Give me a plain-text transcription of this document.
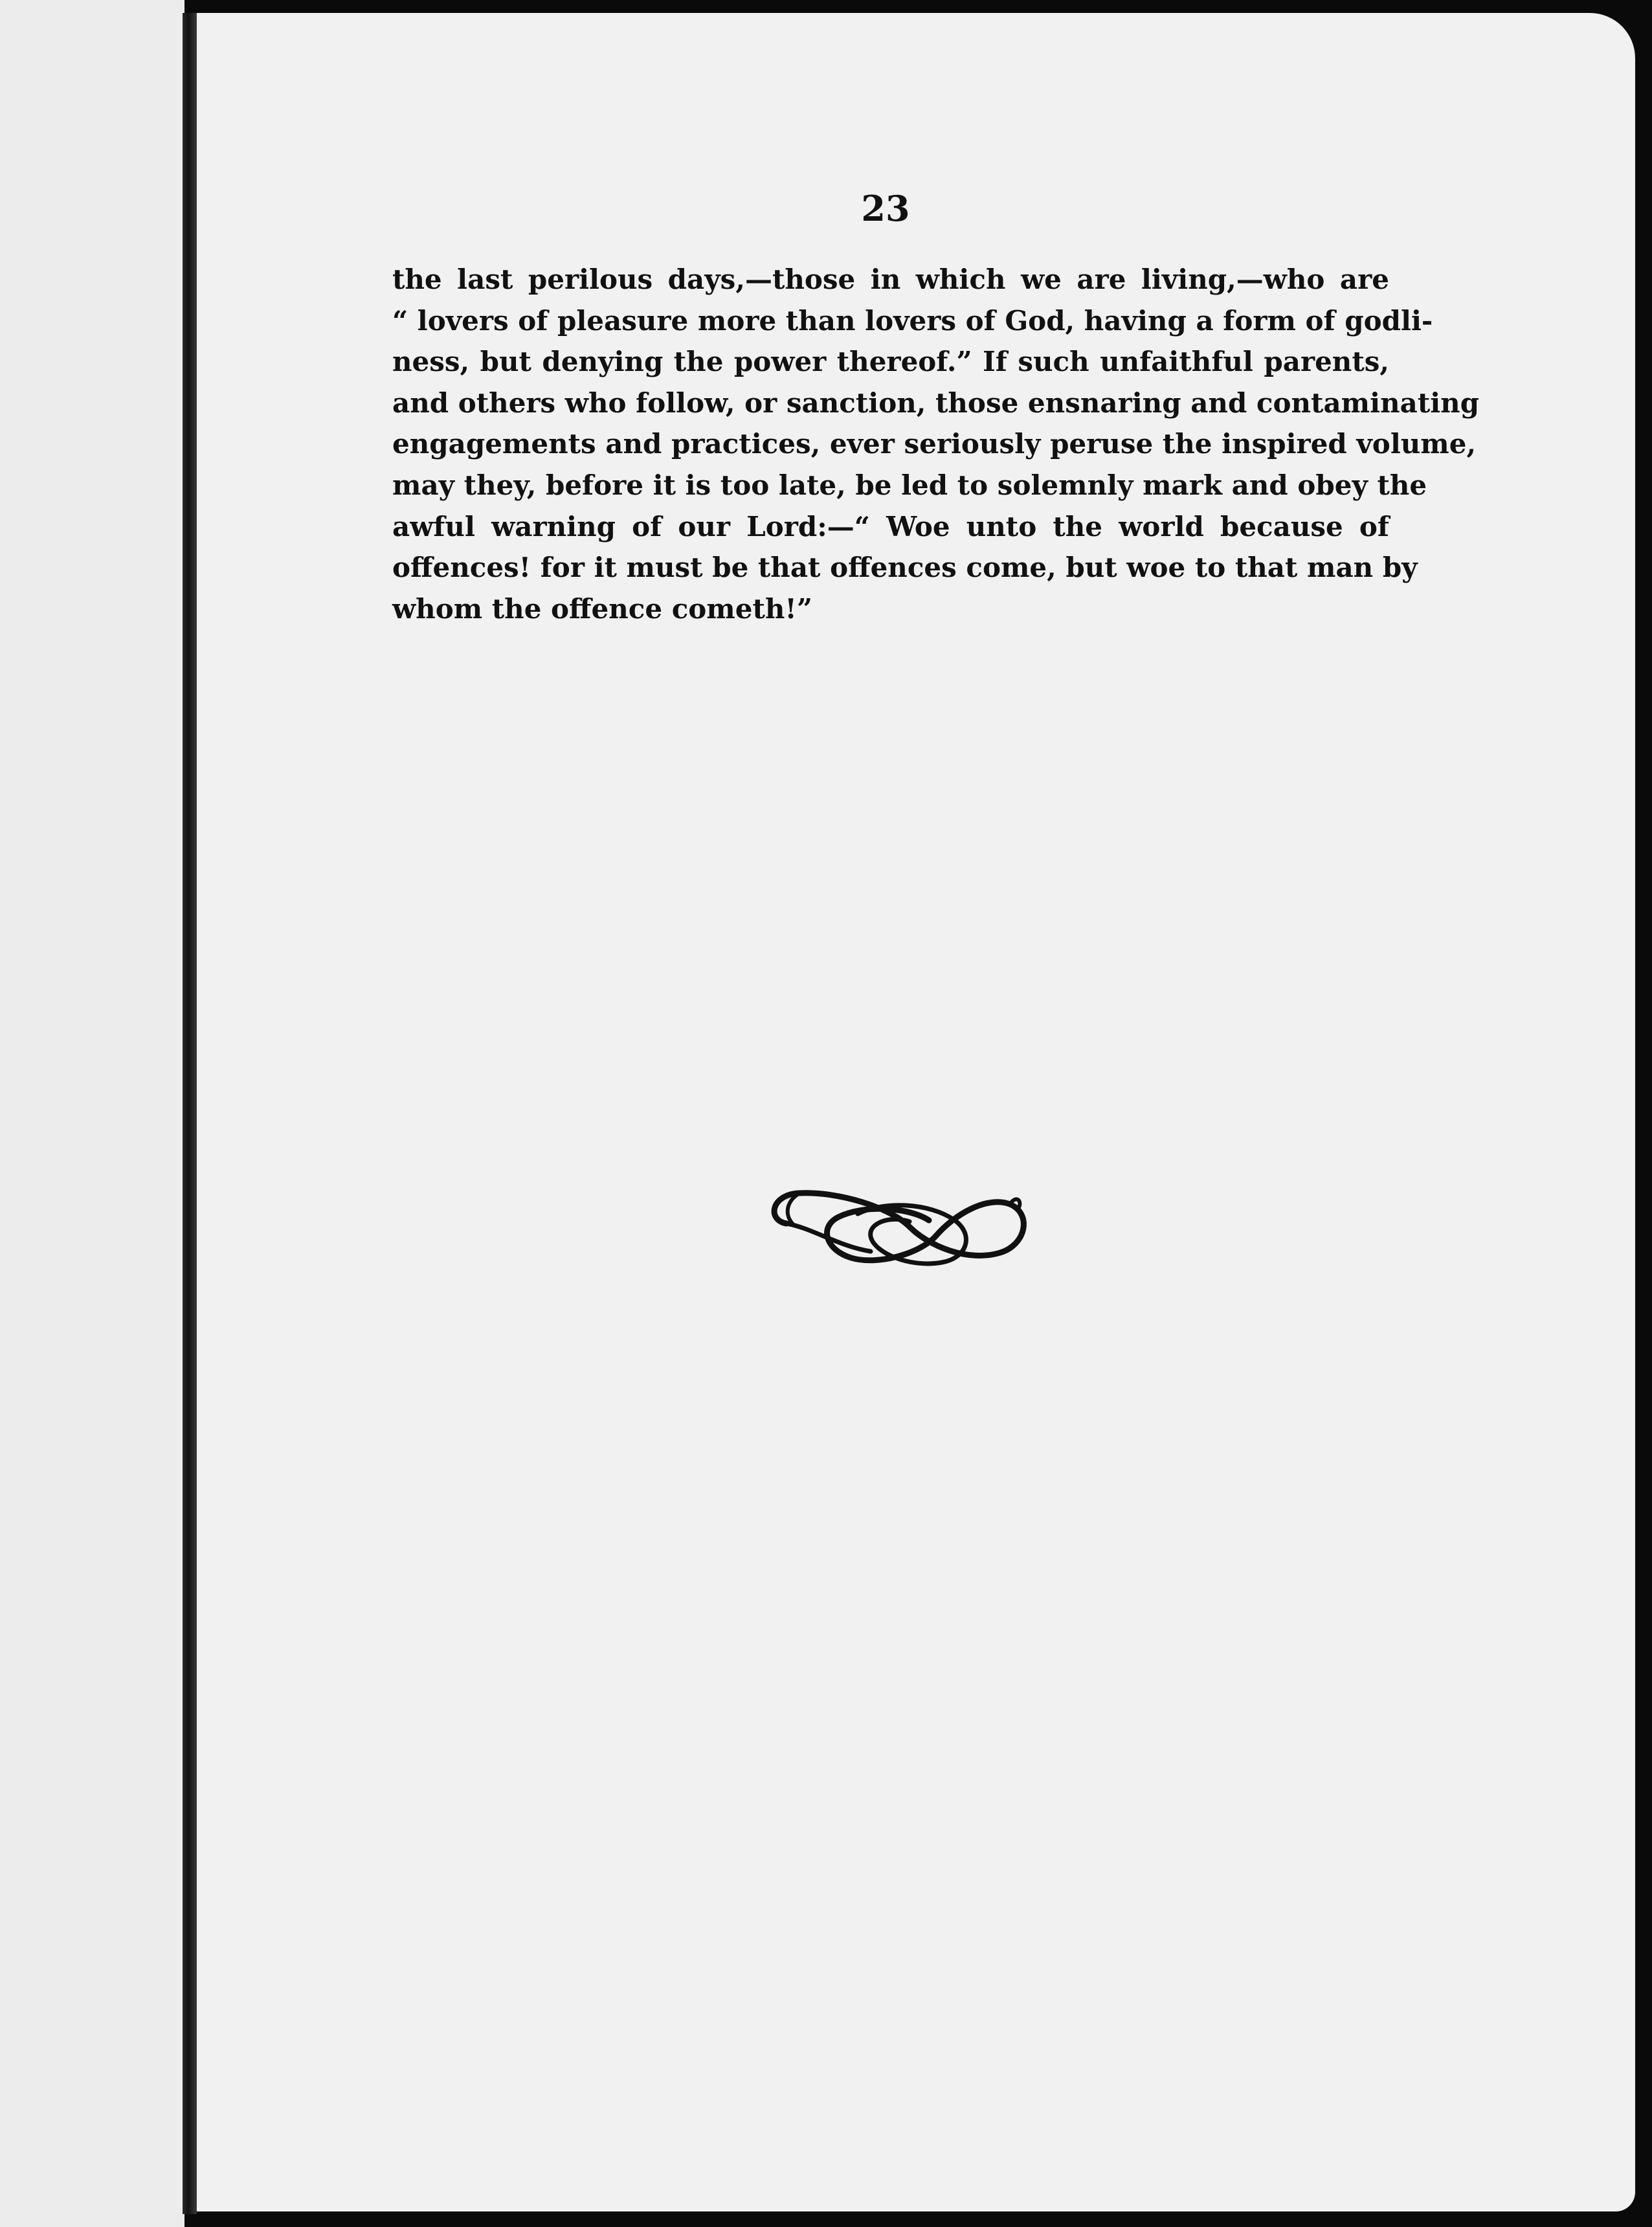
23
the last perilous days,—those in which we are living,—who are
“ lovers of pleasure more than lovers of God, having a form of godli-
ness, but denying the power thereof.” If such unfaithful parents,
and others who follow, or sanction, those ensnaring and contaminating
engagements and practices, ever seriously peruse the inspired volume,
may they, before it is too late, be led to solemnly mark and obey the
awful warning of our Lord:—“ Woe unto the world because of
offences! for it must be that offences come, but woe to that man by
whom the offence cometh!”
